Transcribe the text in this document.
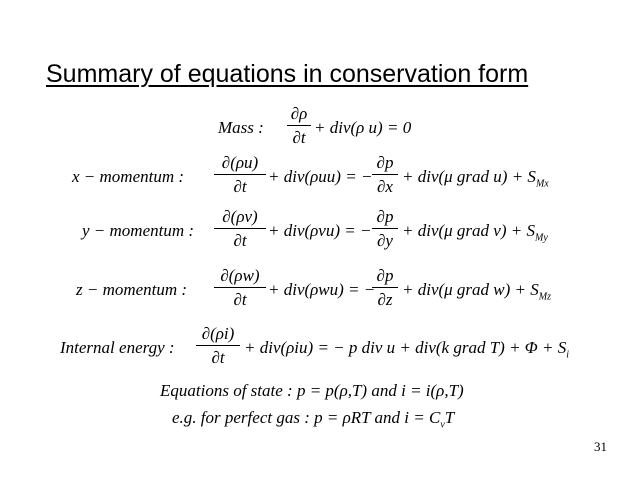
Summary of equations in conservation form
Mass :
∂ρ
∂t
+ div(ρ u) = 0
x − momentum :
∂(ρu)
∂t
+ div(ρuu) = −
∂p
∂x
+ div(μ grad $u) + S_{Mx}$
y − momentum :
∂(ρv)
∂t
+ div(ρvu) = −
∂p
∂y
+ div(μ grad $v) + S_{My}$
z − momentum :
∂(ρw)
∂t
+ div(ρwu) = −
∂p
∂z
+ div(μ grad $w) + S_{Mz}$
Internal energy :
∂(ρi)
∂t
+ div(ρiu) = − p div u + div(k grad $T) + \Phi + S_i$
Equations of state : p = p(ρ,T) and i = i(ρ,T)
e.g. for perfect gas : p = ρRT and $i = C_vT$
31
